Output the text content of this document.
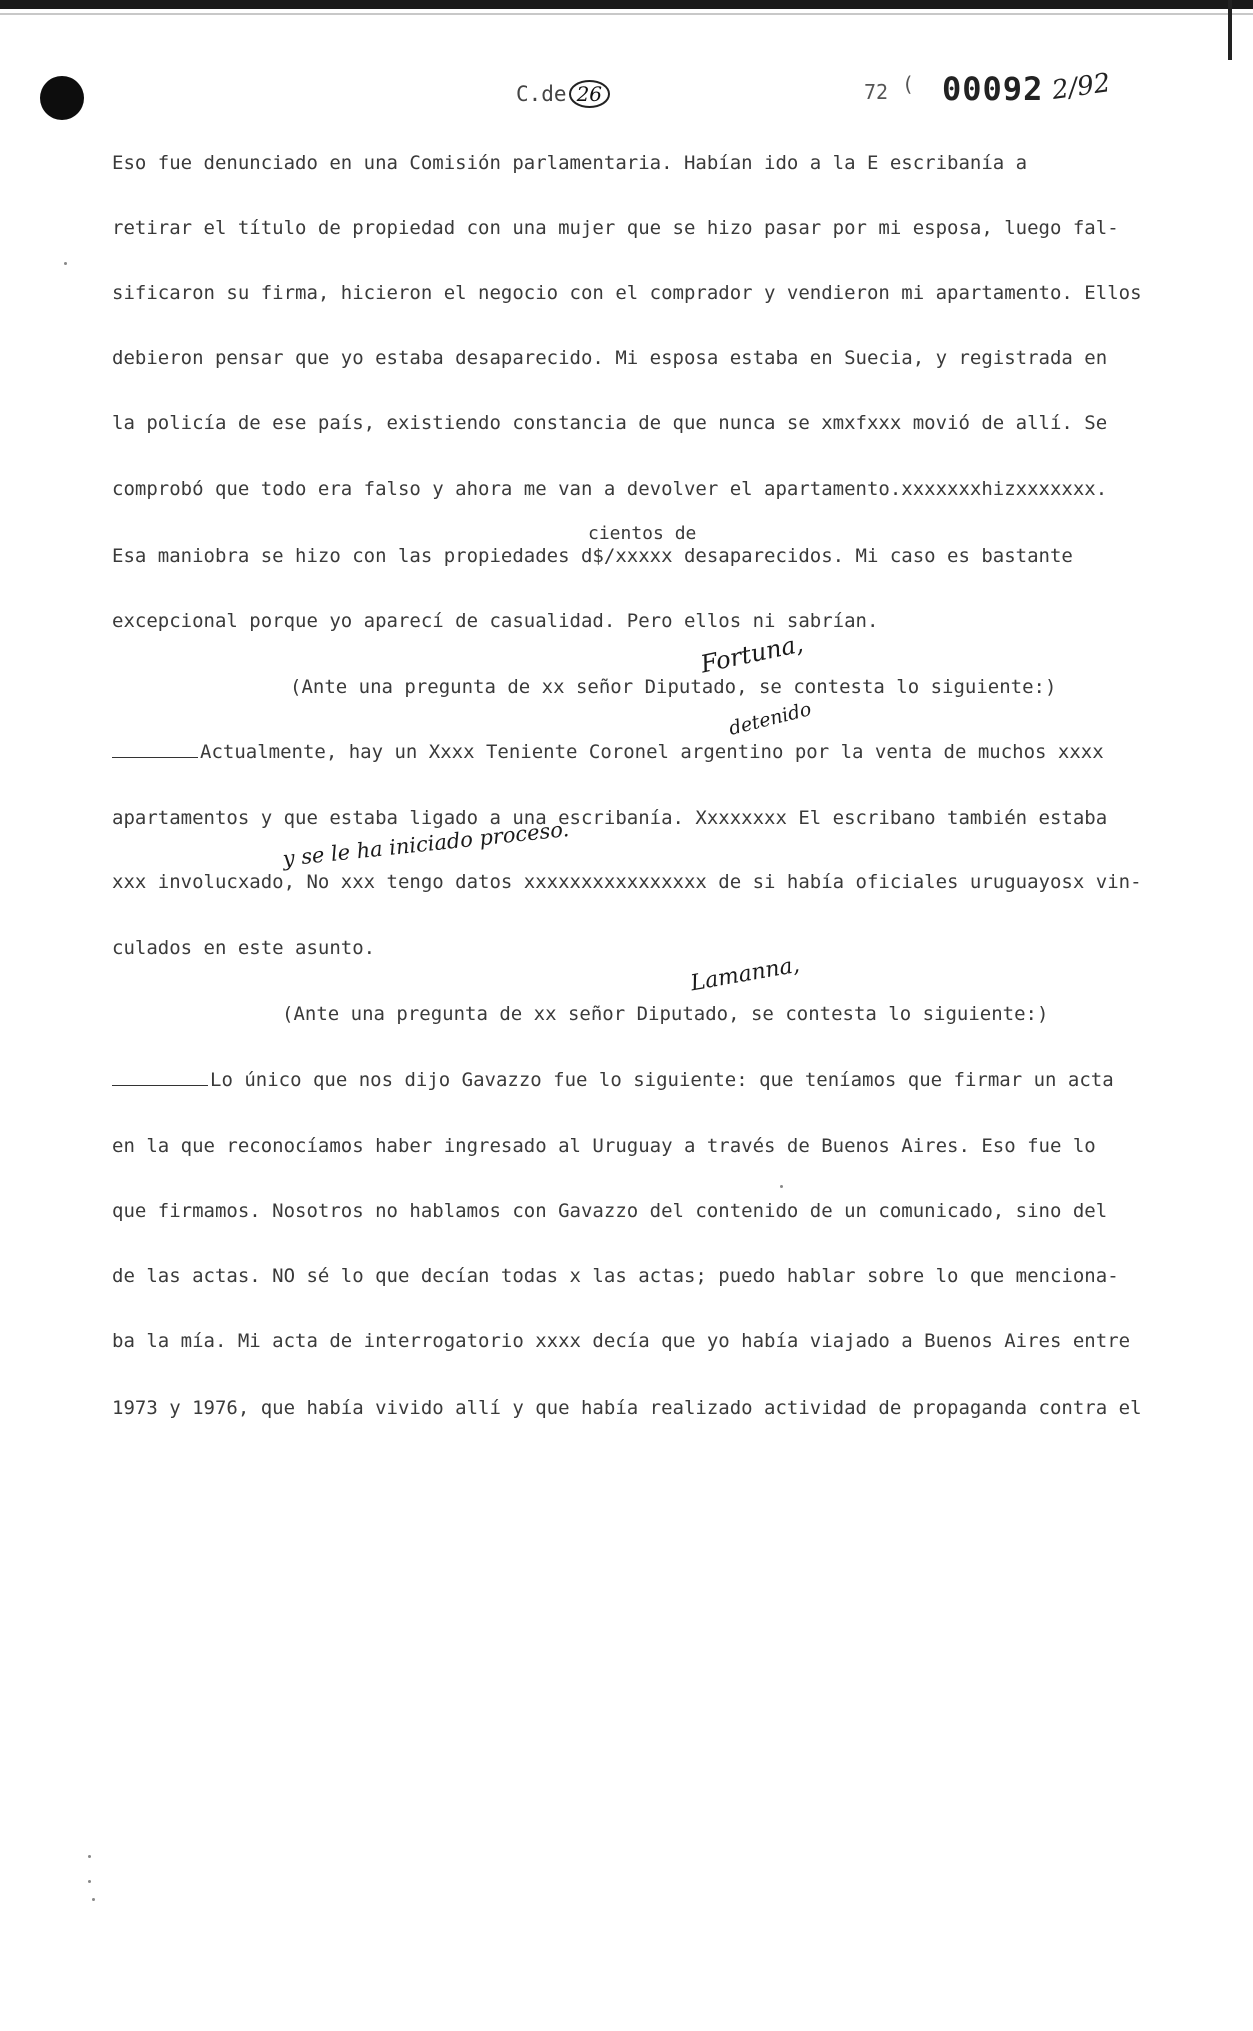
C.de 26	72 ( 00092 2/92
Eso fue denunciado en una Comisión parlamentaria. Habían ido a la E escribanía a
retirar el título de propiedad con una mujer que se hizo pasar por mi esposa, luego fal-
sificaron su firma, hicieron el negocio con el comprador y vendieron mi apartamento. Ellos
debieron pensar que yo estaba desaparecido. Mi esposa estaba en Suecia, y registrada en
la policía de ese país, existiendo constancia de que nunca se xmxfxxx movió de allí. Se
comprobó que todo era falso y ahora me van a devolver el apartamento.xxxxxxxhizxxxxxxx.
cientos de
Esa maniobra se hizo con las propiedades d$/xxxxx desaparecidos. Mi caso es bastante
excepcional porque yo aparecí de casualidad. Pero ellos ni sabrían.
(Ante una pregunta de xx señor Diputado, se contesta lo siguiente:)
Actualmente, hay un Xxxx Teniente Coronel argentino por la venta de muchos xxxx
apartamentos y que estaba ligado a una escribanía. Xxxxxxxx El escribano también estaba
xxx involucxado, No xxx tengo datos xxxxxxxxxxxxxxxx de si había oficiales uruguayosx vin-
culados en este asunto.
(Ante una pregunta de xx señor Diputado, se contesta lo siguiente:)
Lo único que nos dijo Gavazzo fue lo siguiente: que teníamos que firmar un acta
en la que reconocíamos haber ingresado al Uruguay a través de Buenos Aires. Eso fue lo
que firmamos. Nosotros no hablamos con Gavazzo del contenido de un comunicado, sino del
de las actas. NO sé lo que decían todas x las actas; puedo hablar sobre lo que menciona-
ba la mía. Mi acta de interrogatorio xxxx decía que yo había viajado a Buenos Aires entre
1973 y 1976, que había vivido allí y que había realizado actividad de propaganda contra el
Fortuna,
detenido
y se le ha iniciado proceso.
Lamanna,
